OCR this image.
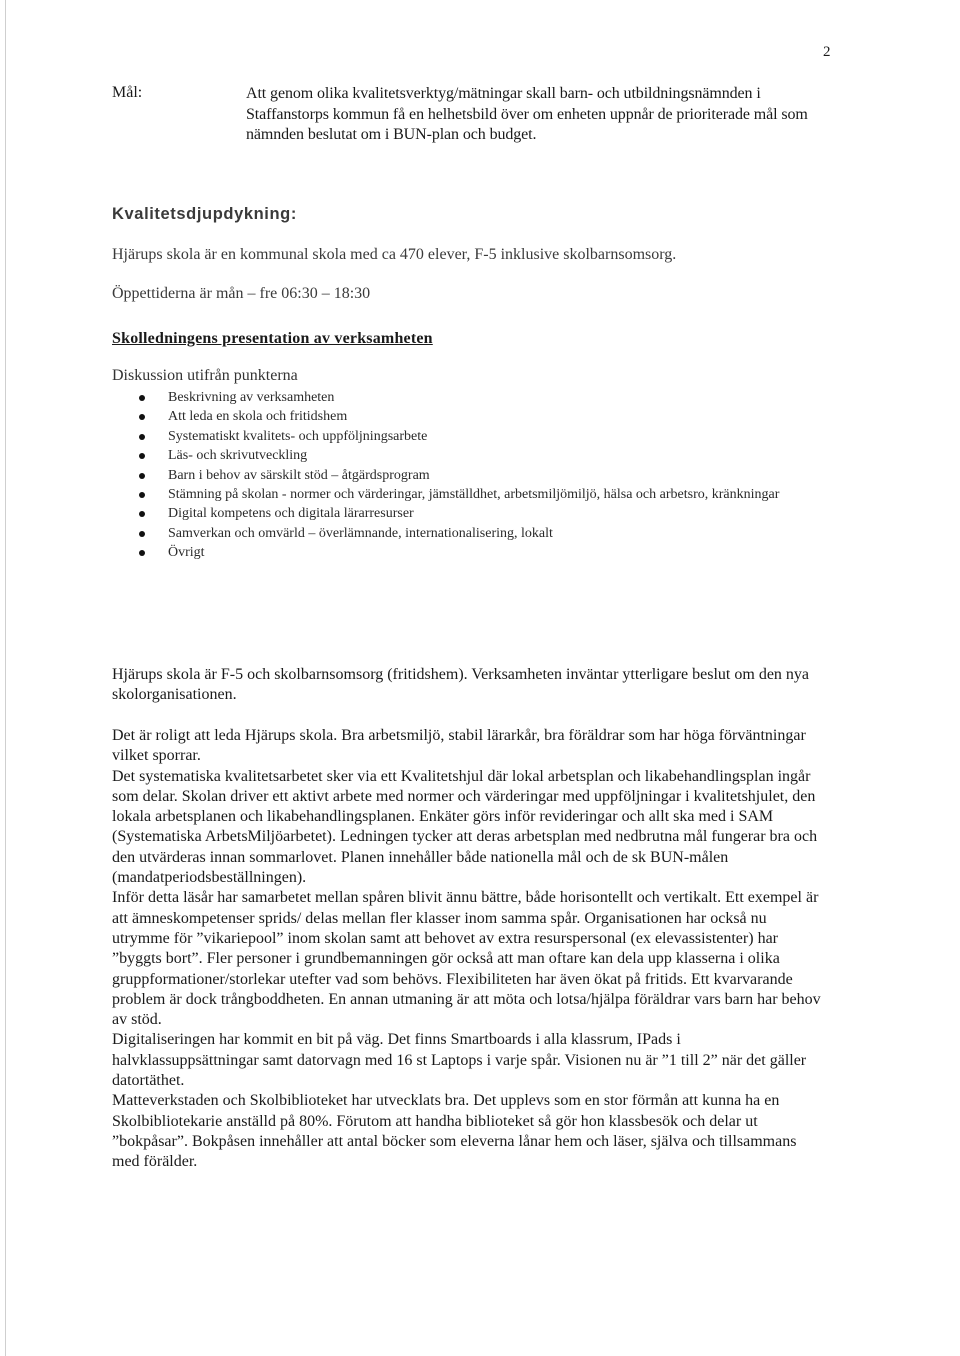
2
Mål:	Att genom olika kvalitetsverktyg/mätningar skall barn- och utbildningsnämnden i Staffanstorps kommun få en helhetsbild över om enheten uppnår de prioriterade mål som nämnden beslutat om i BUN-plan och budget.
Kvalitetsdjupdykning:
Hjärups skola är en kommunal skola med ca 470 elever, F-5 inklusive skolbarnsomsorg.
Öppettiderna är mån – fre 06:30 – 18:30
Skolledningens presentation av verksamheten
Diskussion utifrån punkterna
Beskrivning av verksamheten
Att leda en skola och fritidshem
Systematiskt kvalitets- och uppföljningsarbete
Läs- och skrivutveckling
Barn i behov av särskilt stöd – åtgärdsprogram
Stämning på skolan - normer och värderingar, jämställdhet, arbetsmiljömiljö, hälsa och arbetsro, kränkningar
Digital kompetens och digitala lärarresurser
Samverkan och omvärld – överlämnande, internationalisering, lokalt
Övrigt

Hjärups skola är F-5 och skolbarnsomsorg (fritidshem). Verksamheten inväntar ytterligare beslut om den nya skolorganisationen.

Det är roligt att leda Hjärups skola. Bra arbetsmiljö, stabil lärarkår, bra föräldrar som har höga förväntningar vilket sporrar.
Det systematiska kvalitetsarbetet sker via ett Kvalitetshjul där lokal arbetsplan och likabehandlingsplan ingår som delar. Skolan driver ett aktivt arbete med normer och värderingar med uppföljningar i kvalitetshjulet, den lokala arbetsplanen och likabehandlingsplanen. Enkäter görs inför revideringar och allt ska med i SAM (Systematiska ArbetsMiljöarbetet). Ledningen tycker att deras arbetsplan med nedbrutna mål fungerar bra och den utvärderas innan sommarlovet. Planen innehåller både nationella mål och de sk BUN-målen (mandatperiodsbeställningen).
Inför detta läsår har samarbetet mellan spåren blivit ännu bättre, både horisontellt och vertikalt. Ett exempel är att ämneskompetenser sprids/ delas mellan fler klasser inom samma spår. Organisationen har också nu utrymme för ”vikariepool” inom skolan samt att behovet av extra resurspersonal (ex elevassistenter) har ”byggts bort”. Fler personer i grundbemanningen gör också att man oftare kan dela upp klasserna i olika gruppformationer/storlekar utefter vad som behövs. Flexibiliteten har även ökat på fritids. Ett kvarvarande problem är dock trångboddheten. En annan utmaning är att möta och lotsa/hjälpa föräldrar vars barn har behov av stöd.
Digitaliseringen har kommit en bit på väg. Det finns Smartboards i alla klassrum, IPads i halvklassuppsättningar samt datorvagn med 16 st Laptops i varje spår. Visionen nu är ”1 till 2” när det gäller datortäthet.
Matteverkstaden och Skolbiblioteket har utvecklats bra. Det upplevs som en stor förmån att kunna ha en Skolbibliotekarie anställd på 80%. Förutom att handha biblioteket så gör hon klassbesök och delar ut ”bokpåsar”. Bokpåsen innehåller att antal böcker som eleverna lånar hem och läser, själva och tillsammans med förälder.
